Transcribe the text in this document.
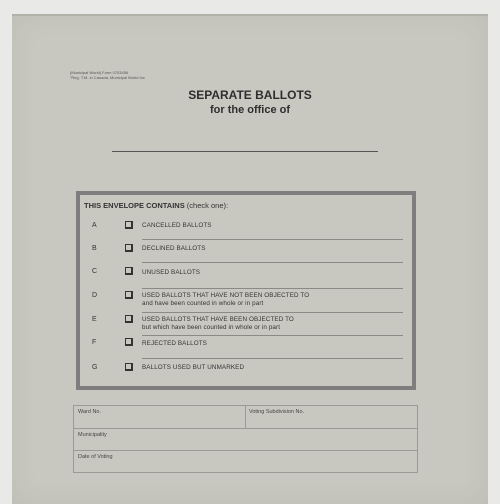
(Municipal World) Form 0703456
"Reg. T.M. in Canada, Municipal World Inc
SEPARATE BALLOTS
for the office of
THIS ENVELOPE CONTAINS (check one):
A	CANCELLED BALLOTS
B	DECLINED BALLOTS
C	UNUSED BALLOTS
D	USED BALLOTS THAT HAVE NOT BEEN OBJECTED TO
and have been counted in whole or in part
E	USED BALLOTS THAT HAVE BEEN OBJECTED TO
but which have been counted in whole or in part
F	REJECTED BALLOTS
G	BALLOTS USED BUT UNMARKED
Ward No.	Voting Subdivision No.
Municipality
Date of Voting
